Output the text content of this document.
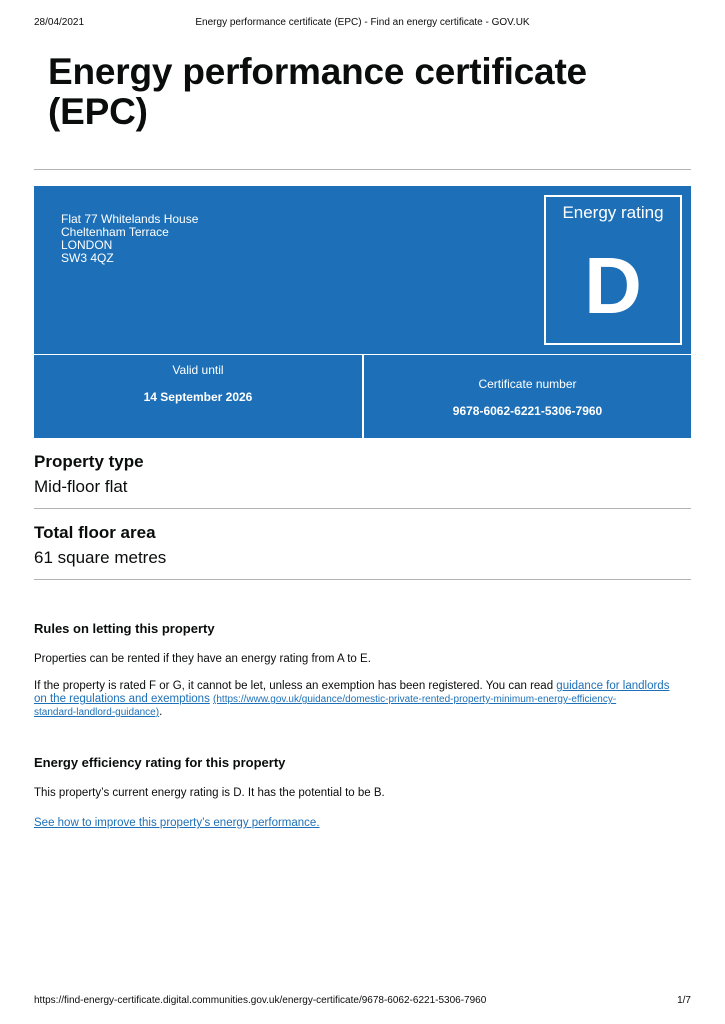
28/04/2021	Energy performance certificate (EPC) - Find an energy certificate - GOV.UK
Energy performance certificate (EPC)
Flat 77 Whitelands House
Cheltenham Terrace
LONDON
SW3 4QZ
Energy rating
D
Valid until
14 September 2026
Certificate number
9678-6062-6221-5306-7960
Property type
Mid-floor flat
Total floor area
61 square metres
Rules on letting this property
Properties can be rented if they have an energy rating from A to E.
If the property is rated F or G, it cannot be let, unless an exemption has been registered. You can read guidance for landlords
on the regulations and exemptions (https://www.gov.uk/guidance/domestic-private-rented-property-minimum-energy-efficiency-
standard-landlord-guidance).
Energy efficiency rating for this property
This property’s current energy rating is D. It has the potential to be B.
See how to improve this property’s energy performance.
https://find-energy-certificate.digital.communities.gov.uk/energy-certificate/9678-6062-6221-5306-7960	1/7
